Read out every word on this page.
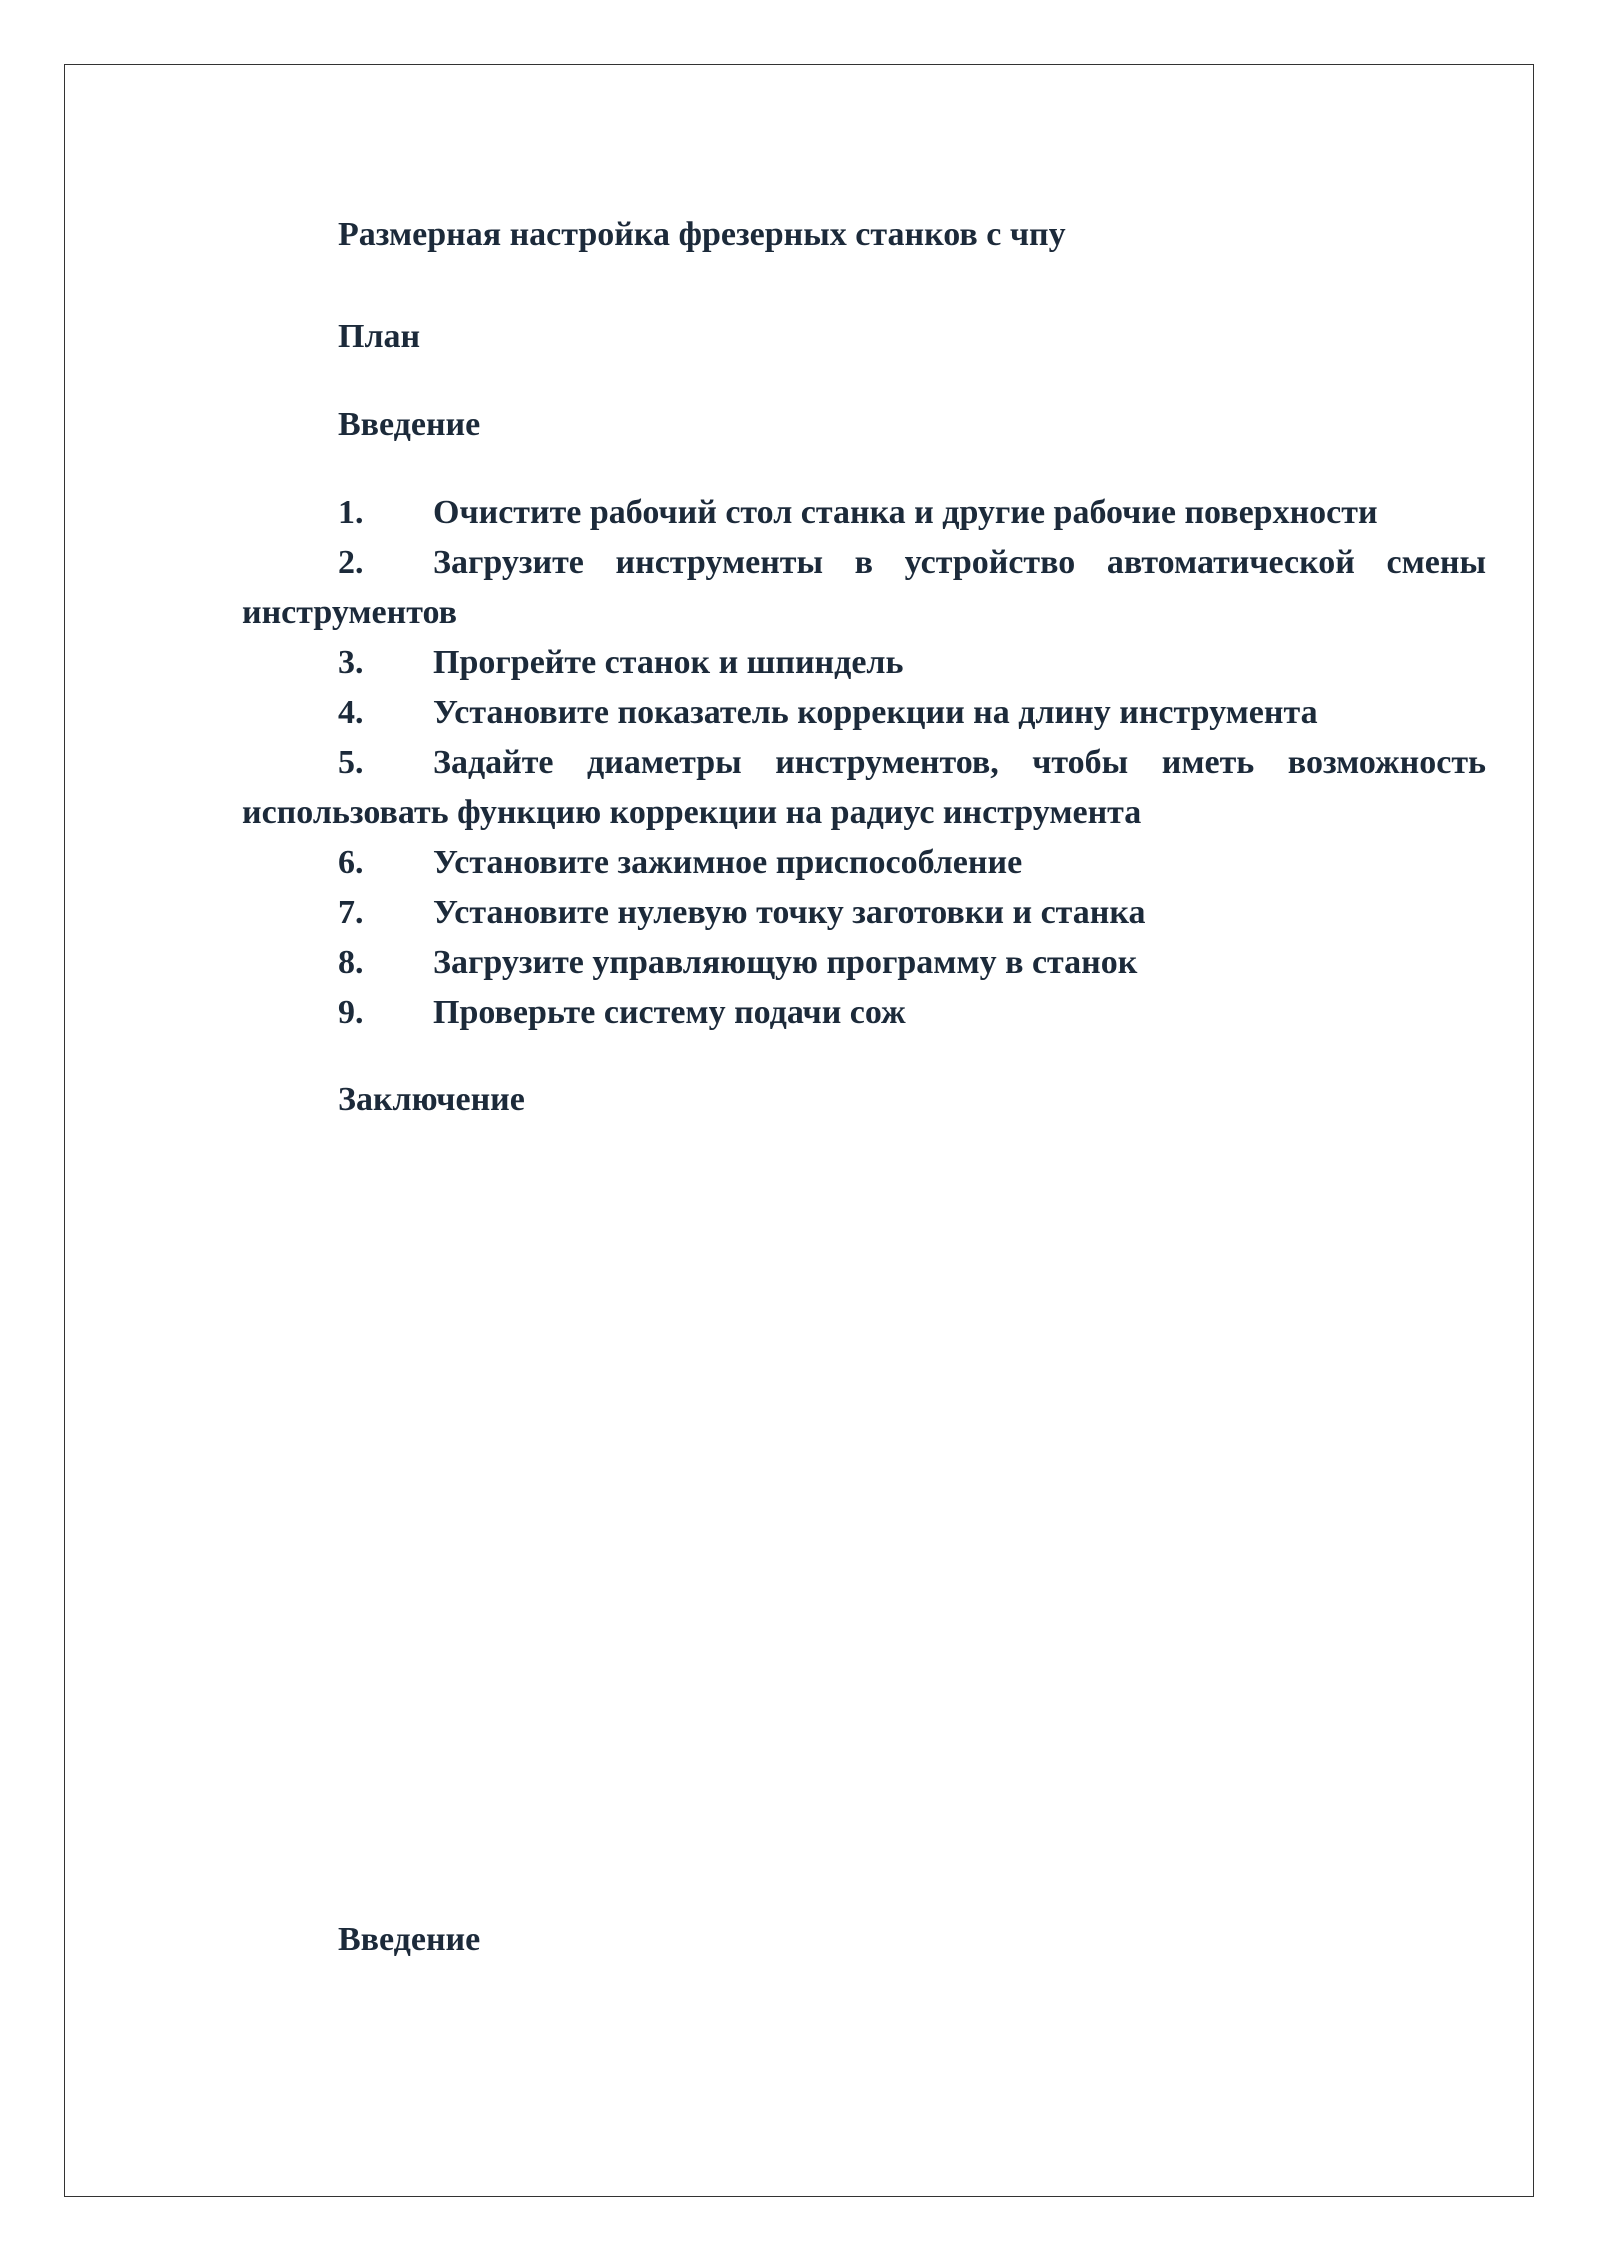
Размерная настройка фрезерных станков с чпу
План
Введение
1.	Очистите рабочий стол станка и другие рабочие поверхности
2.	Загрузите инструменты в устройство автоматической смены
инструментов
3.	Прогрейте станок и шпиндель
4.	Установите показатель коррекции на длину инструмента
5.	Задайте диаметры инструментов, чтобы иметь возможность
использовать функцию коррекции на радиус инструмента
6.	Установите зажимное приспособление
7.	Установите нулевую точку заготовки и станка
8.	Загрузите управляющую программу в станок
9.	Проверьте систему подачи сож
Заключение
Введение
